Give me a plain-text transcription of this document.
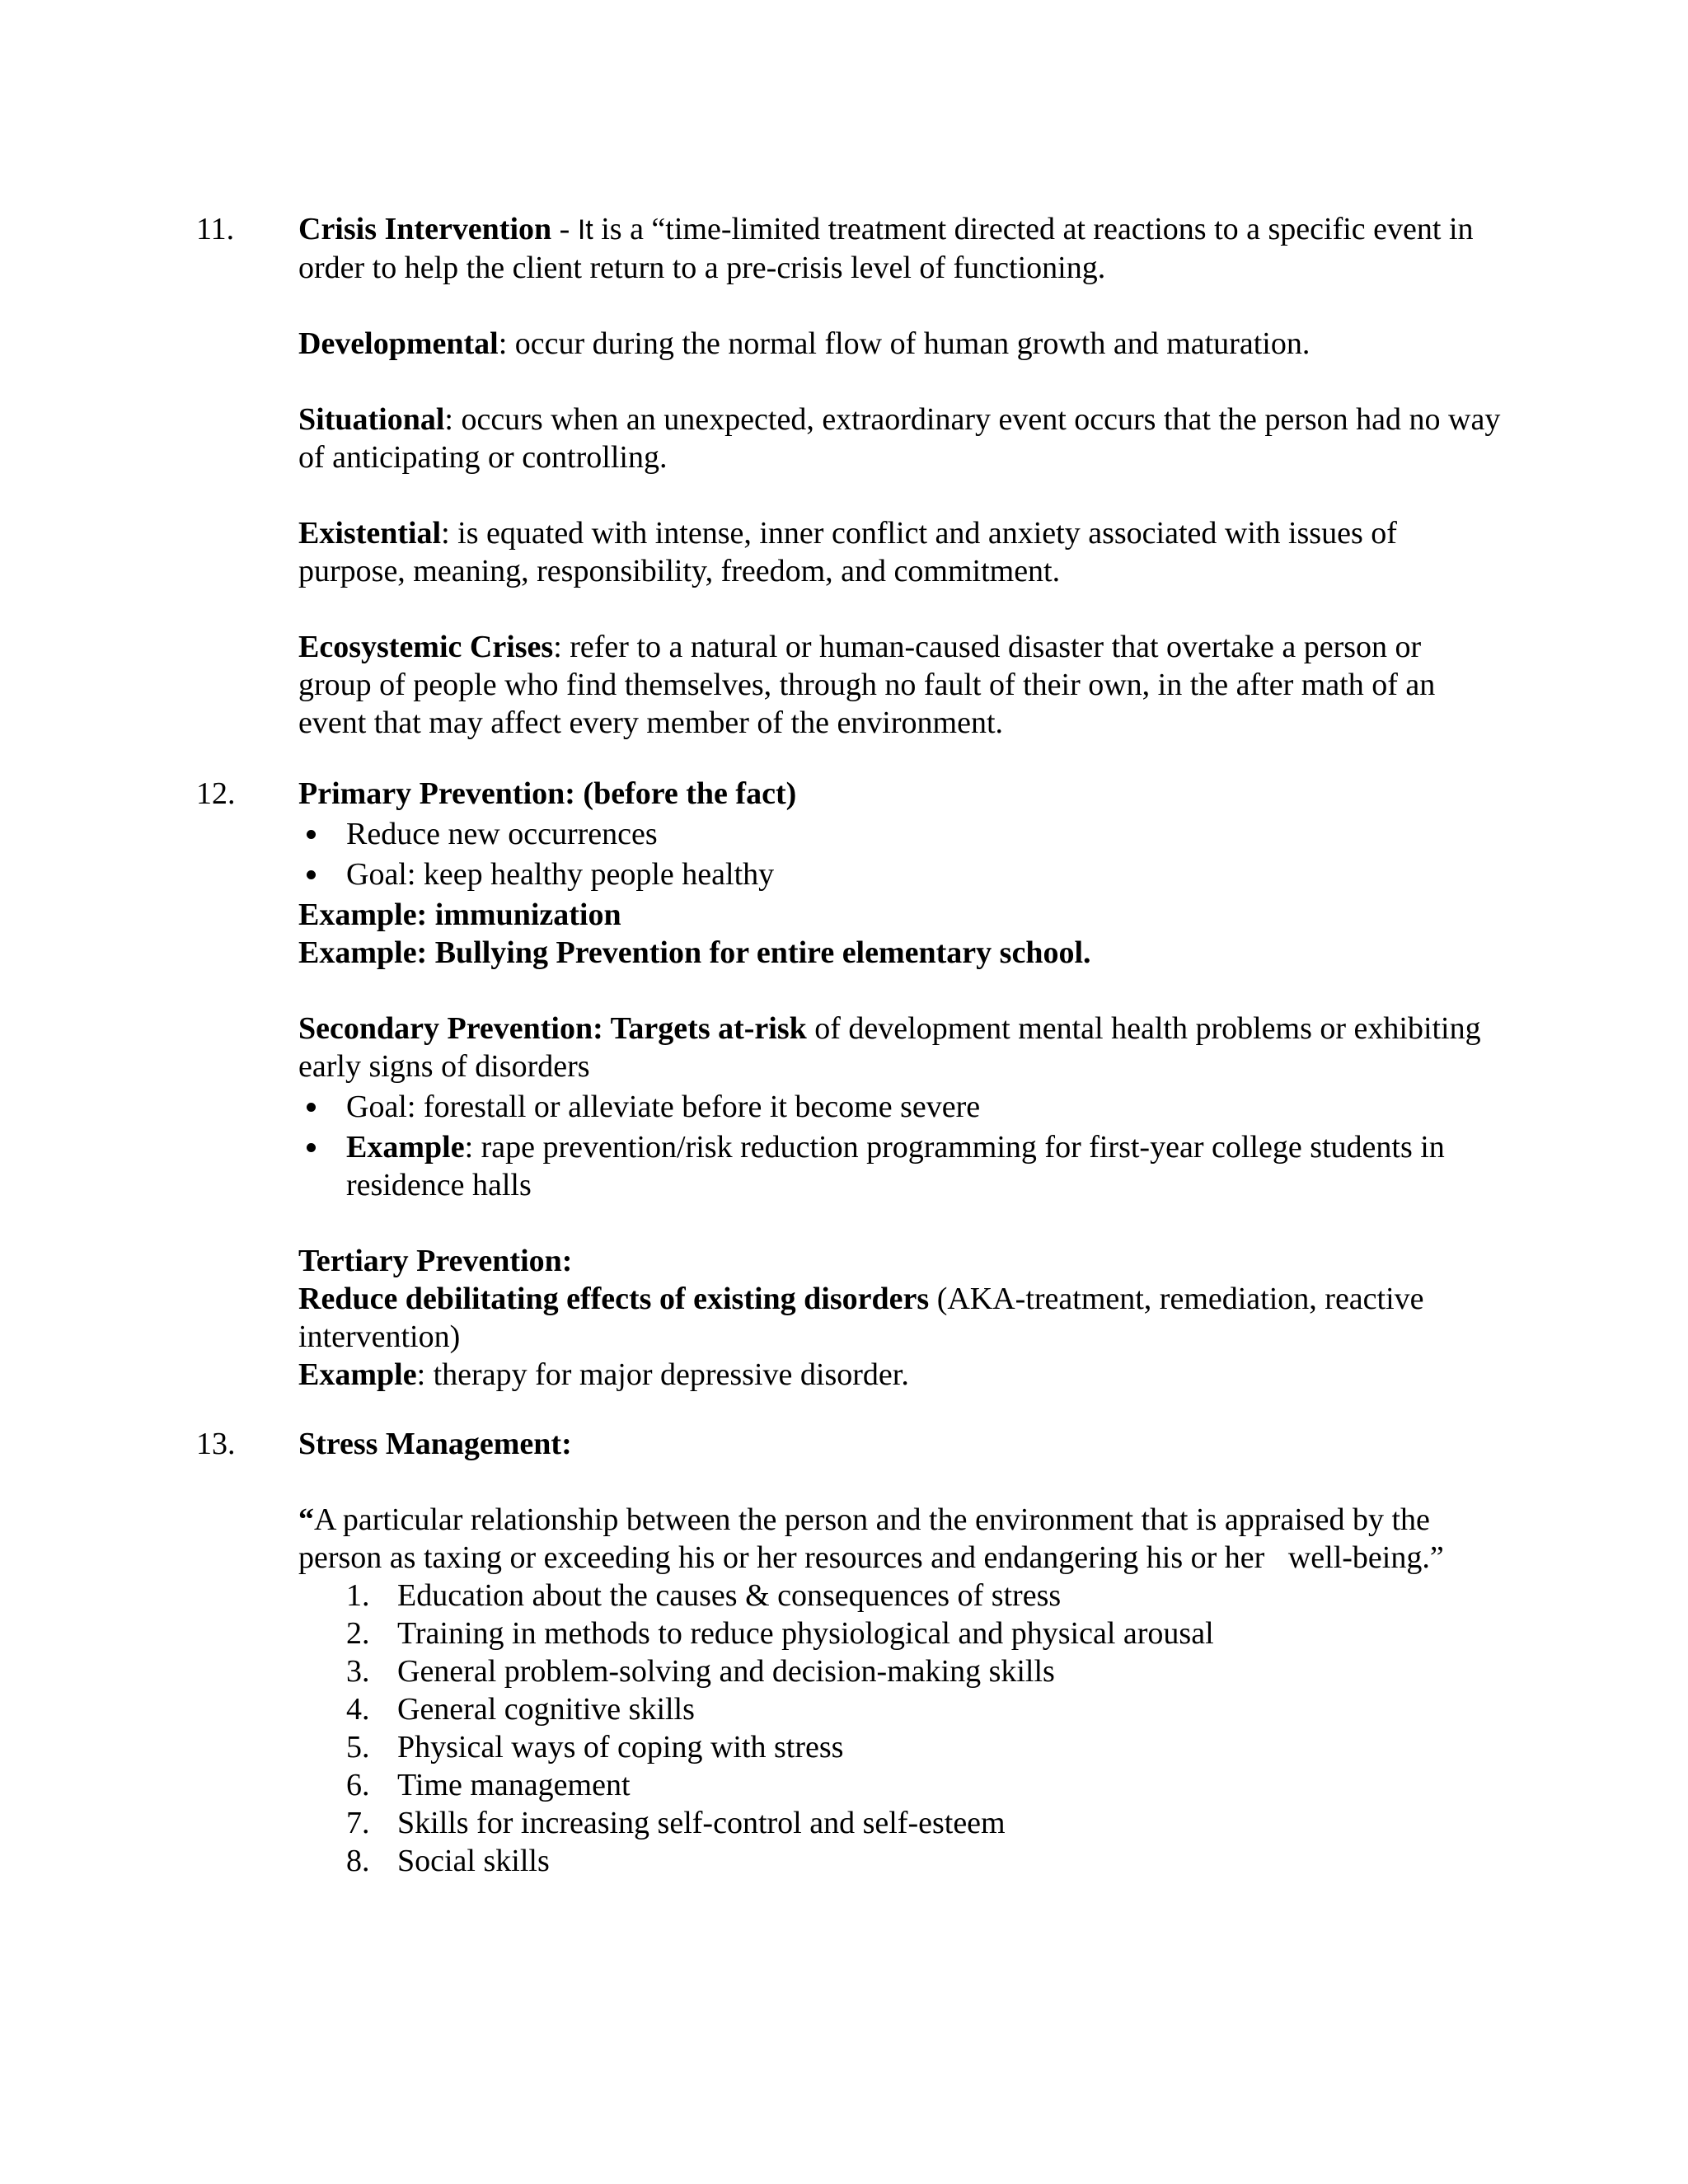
11. Crisis Intervention - It is a “time-limited treatment directed at reactions to a specific event in order to help the client return to a pre-crisis level of functioning.

Developmental: occur during the normal flow of human growth and maturation.

Situational: occurs when an unexpected, extraordinary event occurs that the person had no way of anticipating or controlling.

Existential: is equated with intense, inner conflict and anxiety associated with issues of purpose, meaning, responsibility, freedom, and commitment.

Ecosystemic Crises: refer to a natural or human-caused disaster that overtake a person or group of people who find themselves, through no fault of their own, in the after math of an event that may affect every member of the environment.

12. Primary Prevention: (before the fact)

Reduce new occurrences
Goal: keep healthy people healthy

Example: immunization

Example: Bullying Prevention for entire elementary school.

Secondary Prevention: Targets at-risk of development mental health problems or exhibiting early signs of disorders

Goal: forestall or alleviate before it become severe
Example: rape prevention/risk reduction programming for first-year college students in   residence halls

Tertiary Prevention:

Reduce debilitating effects of existing disorders (AKA-treatment, remediation, reactive intervention)

Example: therapy for major depressive disorder.

13. Stress Management:

“A particular relationship between the person and the environment that is appraised by the person as taxing or exceeding his or her resources and endangering his or her   well-being.”

1. Education about the causes & consequences of stress
2. Training in methods to reduce physiological and physical arousal
3. General problem-solving and decision-making skills
4. General cognitive skills
5. Physical ways of coping with stress
6. Time management
7. Skills for increasing self-control and self-esteem
8. Social skills
